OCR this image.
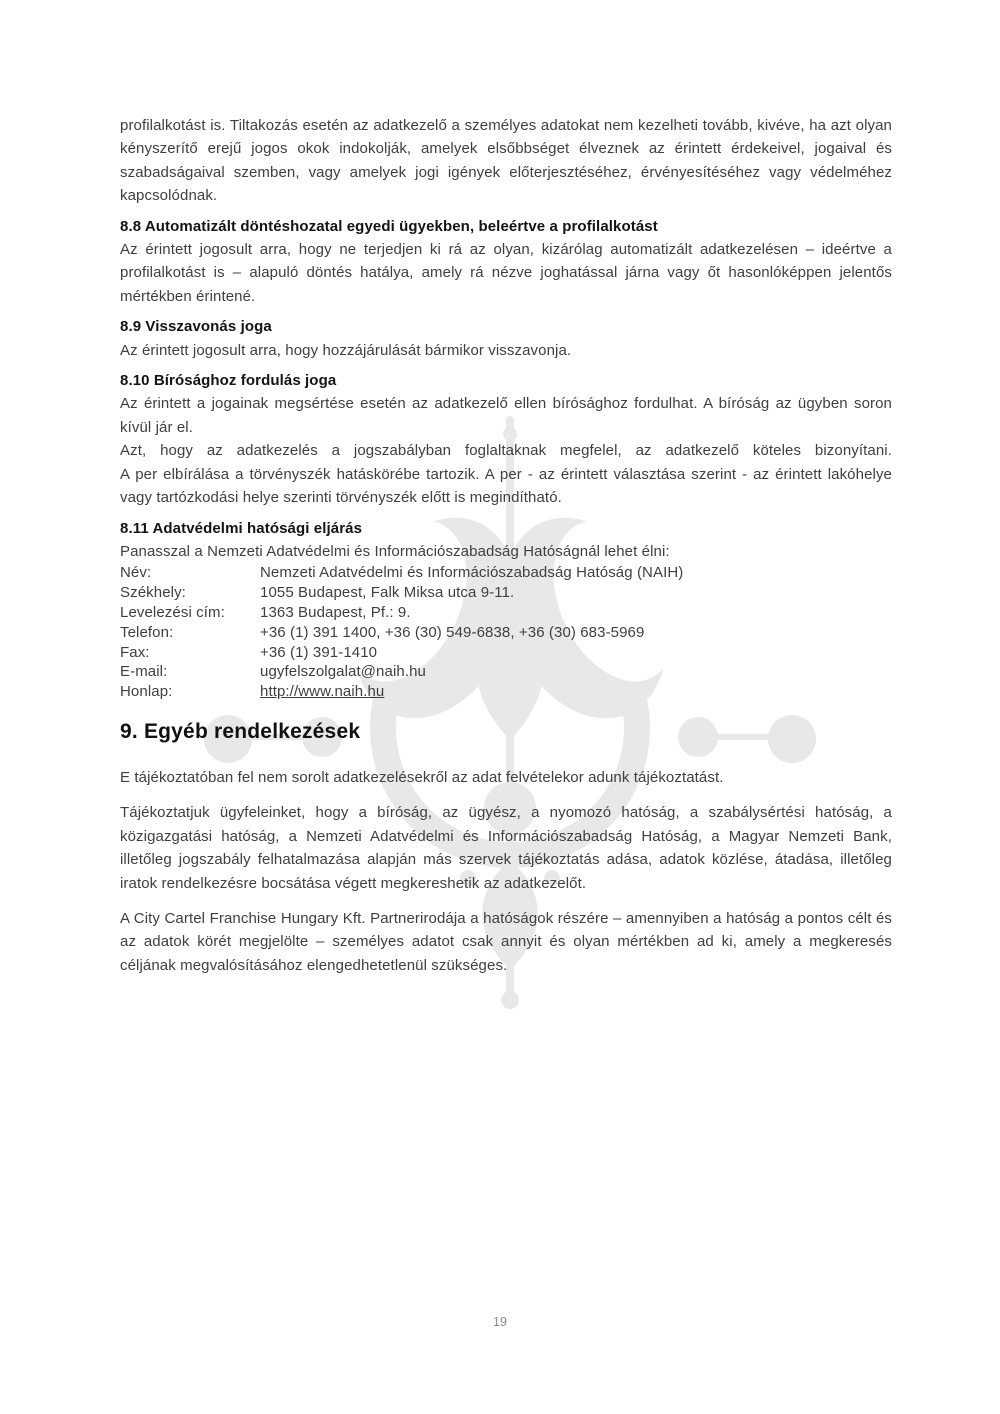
profilalkotást is. Tiltakozás esetén az adatkezelő a személyes adatokat nem kezelheti tovább, kivéve, ha azt olyan kényszerítő erejű jogos okok indokolják, amelyek elsőbbséget élveznek az érintett érdekeivel, jogaival és szabadságaival szemben, vagy amelyek jogi igények előterjesztéséhez, érvényesítéséhez vagy védelméhez kapcsolódnak.

8.8 Automatizált döntéshozatal egyedi ügyekben, beleértve a profilalkotást

Az érintett jogosult arra, hogy ne terjedjen ki rá az olyan, kizárólag automatizált adatkezelésen – ideértve a profilalkotást is – alapuló döntés hatálya, amely rá nézve joghatással járna vagy őt hasonlóképpen jelentős mértékben érintené.

8.9 Visszavonás joga

Az érintett jogosult arra, hogy hozzájárulását bármikor visszavonja.

8.10 Bírósághoz fordulás joga

Az érintett a jogainak megsértése esetén az adatkezelő ellen bírósághoz fordulhat. A bíróság az ügyben soron kívül jár el.

Azt, hogy az adatkezelés a jogszabályban foglaltaknak megfelel, az adatkezelő köteles bizonyítani.

A per elbírálása a törvényszék hatáskörébe tartozik. A per - az érintett választása szerint - az érintett lakóhelye vagy tartózkodási helye szerinti törvényszék előtt is megindítható.

8.11 Adatvédelmi hatósági eljárás

Panasszal a Nemzeti Adatvédelmi és Információszabadság Hatóságnál lehet élni:

Név:	Nemzeti Adatvédelmi és Információszabadság Hatóság (NAIH)
Székhely:	1055 Budapest, Falk Miksa utca 9-11.
Levelezési cím:	1363 Budapest, Pf.: 9.
Telefon:	+36 (1) 391 1400, +36 (30) 549-6838, +36 (30) 683-5969
Fax:	+36 (1) 391-1410
E-mail:	ugyfelszolgalat@naih.hu
Honlap:	http://www.naih.hu
9. Egyéb rendelkezések

E tájékoztatóban fel nem sorolt adatkezelésekről az adat felvételekor adunk tájékoztatást.

Tájékoztatjuk ügyfeleinket, hogy a bíróság, az ügyész, a nyomozó hatóság, a szabálysértési hatóság, a közigazgatási hatóság, a Nemzeti Adatvédelmi és Információszabadság Hatóság, a Magyar Nemzeti Bank, illetőleg jogszabály felhatalmazása alapján más szervek tájékoztatás adása, adatok közlése, átadása, illetőleg iratok rendelkezésre bocsátása végett megkereshetik az adatkezelőt.

A City Cartel Franchise Hungary Kft. Partnerirodája a hatóságok részére – amennyiben a hatóság a pontos célt és az adatok körét megjelölte – személyes adatot csak annyit és olyan mértékben ad ki, amely a megkeresés céljának megvalósításához elengedhetetlenül szükséges.

19
